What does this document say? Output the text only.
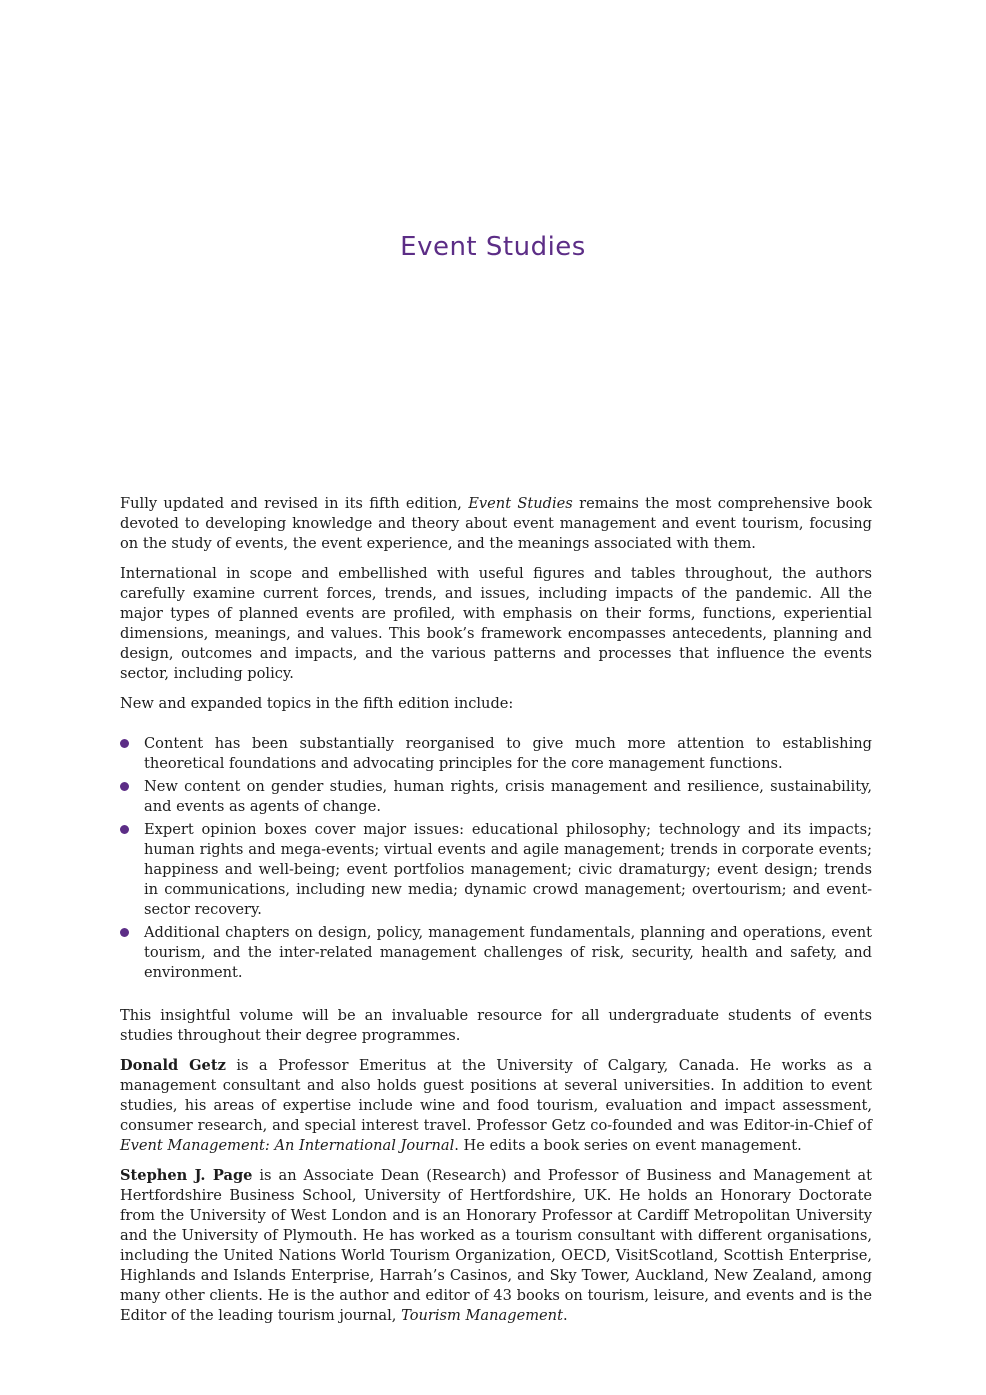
Event Studies

Fully updated and revised in its fifth edition, Event Studies remains the most comprehensive book devoted to developing knowledge and theory about event management and event tourism, focusing on the study of events, the event experience, and the meanings associated with them.

International in scope and embellished with useful figures and tables throughout, the authors carefully examine current forces, trends, and issues, including impacts of the pandemic. All the major types of planned events are profiled, with emphasis on their forms, functions, experiential dimensions, meanings, and values. This book’s framework encompasses antecedents, planning and design, outcomes and impacts, and the various patterns and processes that influence the events sector, including policy.

New and expanded topics in the fifth edition include:

Content has been substantially reorganised to give much more attention to establishing theoretical foundations and advocating principles for the core management functions.
New content on gender studies, human rights, crisis management and resilience, sustainability, and events as agents of change.
Expert opinion boxes cover major issues: educational philosophy; technology and its impacts; human rights and mega-events; virtual events and agile management; trends in corporate events; happiness and well-being; event portfolios management; civic dramaturgy; event design; trends in communications, including new media; dynamic crowd management; overtourism; and event-sector recovery.
Additional chapters on design, policy, management fundamentals, planning and operations, event tourism, and the inter-related management challenges of risk, security, health and safety, and environment.

This insightful volume will be an invaluable resource for all undergraduate students of events studies throughout their degree programmes.

Donald Getz is a Professor Emeritus at the University of Calgary, Canada. He works as a management consultant and also holds guest positions at several universities. In addition to event studies, his areas of expertise include wine and food tourism, evaluation and impact assessment, consumer research, and special interest travel. Professor Getz co-founded and was Editor-in-Chief of Event Management: An International Journal. He edits a book series on event management.

Stephen J. Page is an Associate Dean (Research) and Professor of Business and Management at Hertfordshire Business School, University of Hertfordshire, UK. He holds an Honorary Doctorate from the University of West London and is an Honorary Professor at Cardiff Metropolitan University and the University of Plymouth. He has worked as a tourism consultant with different organisations, including the United Nations World Tourism Organization, OECD, VisitScotland, Scottish Enterprise, Highlands and Islands Enterprise, Harrah’s Casinos, and Sky Tower, Auckland, New Zealand, among many other clients. He is the author and editor of 43 books on tourism, leisure, and events and is the Editor of the leading tourism journal, Tourism Management.
